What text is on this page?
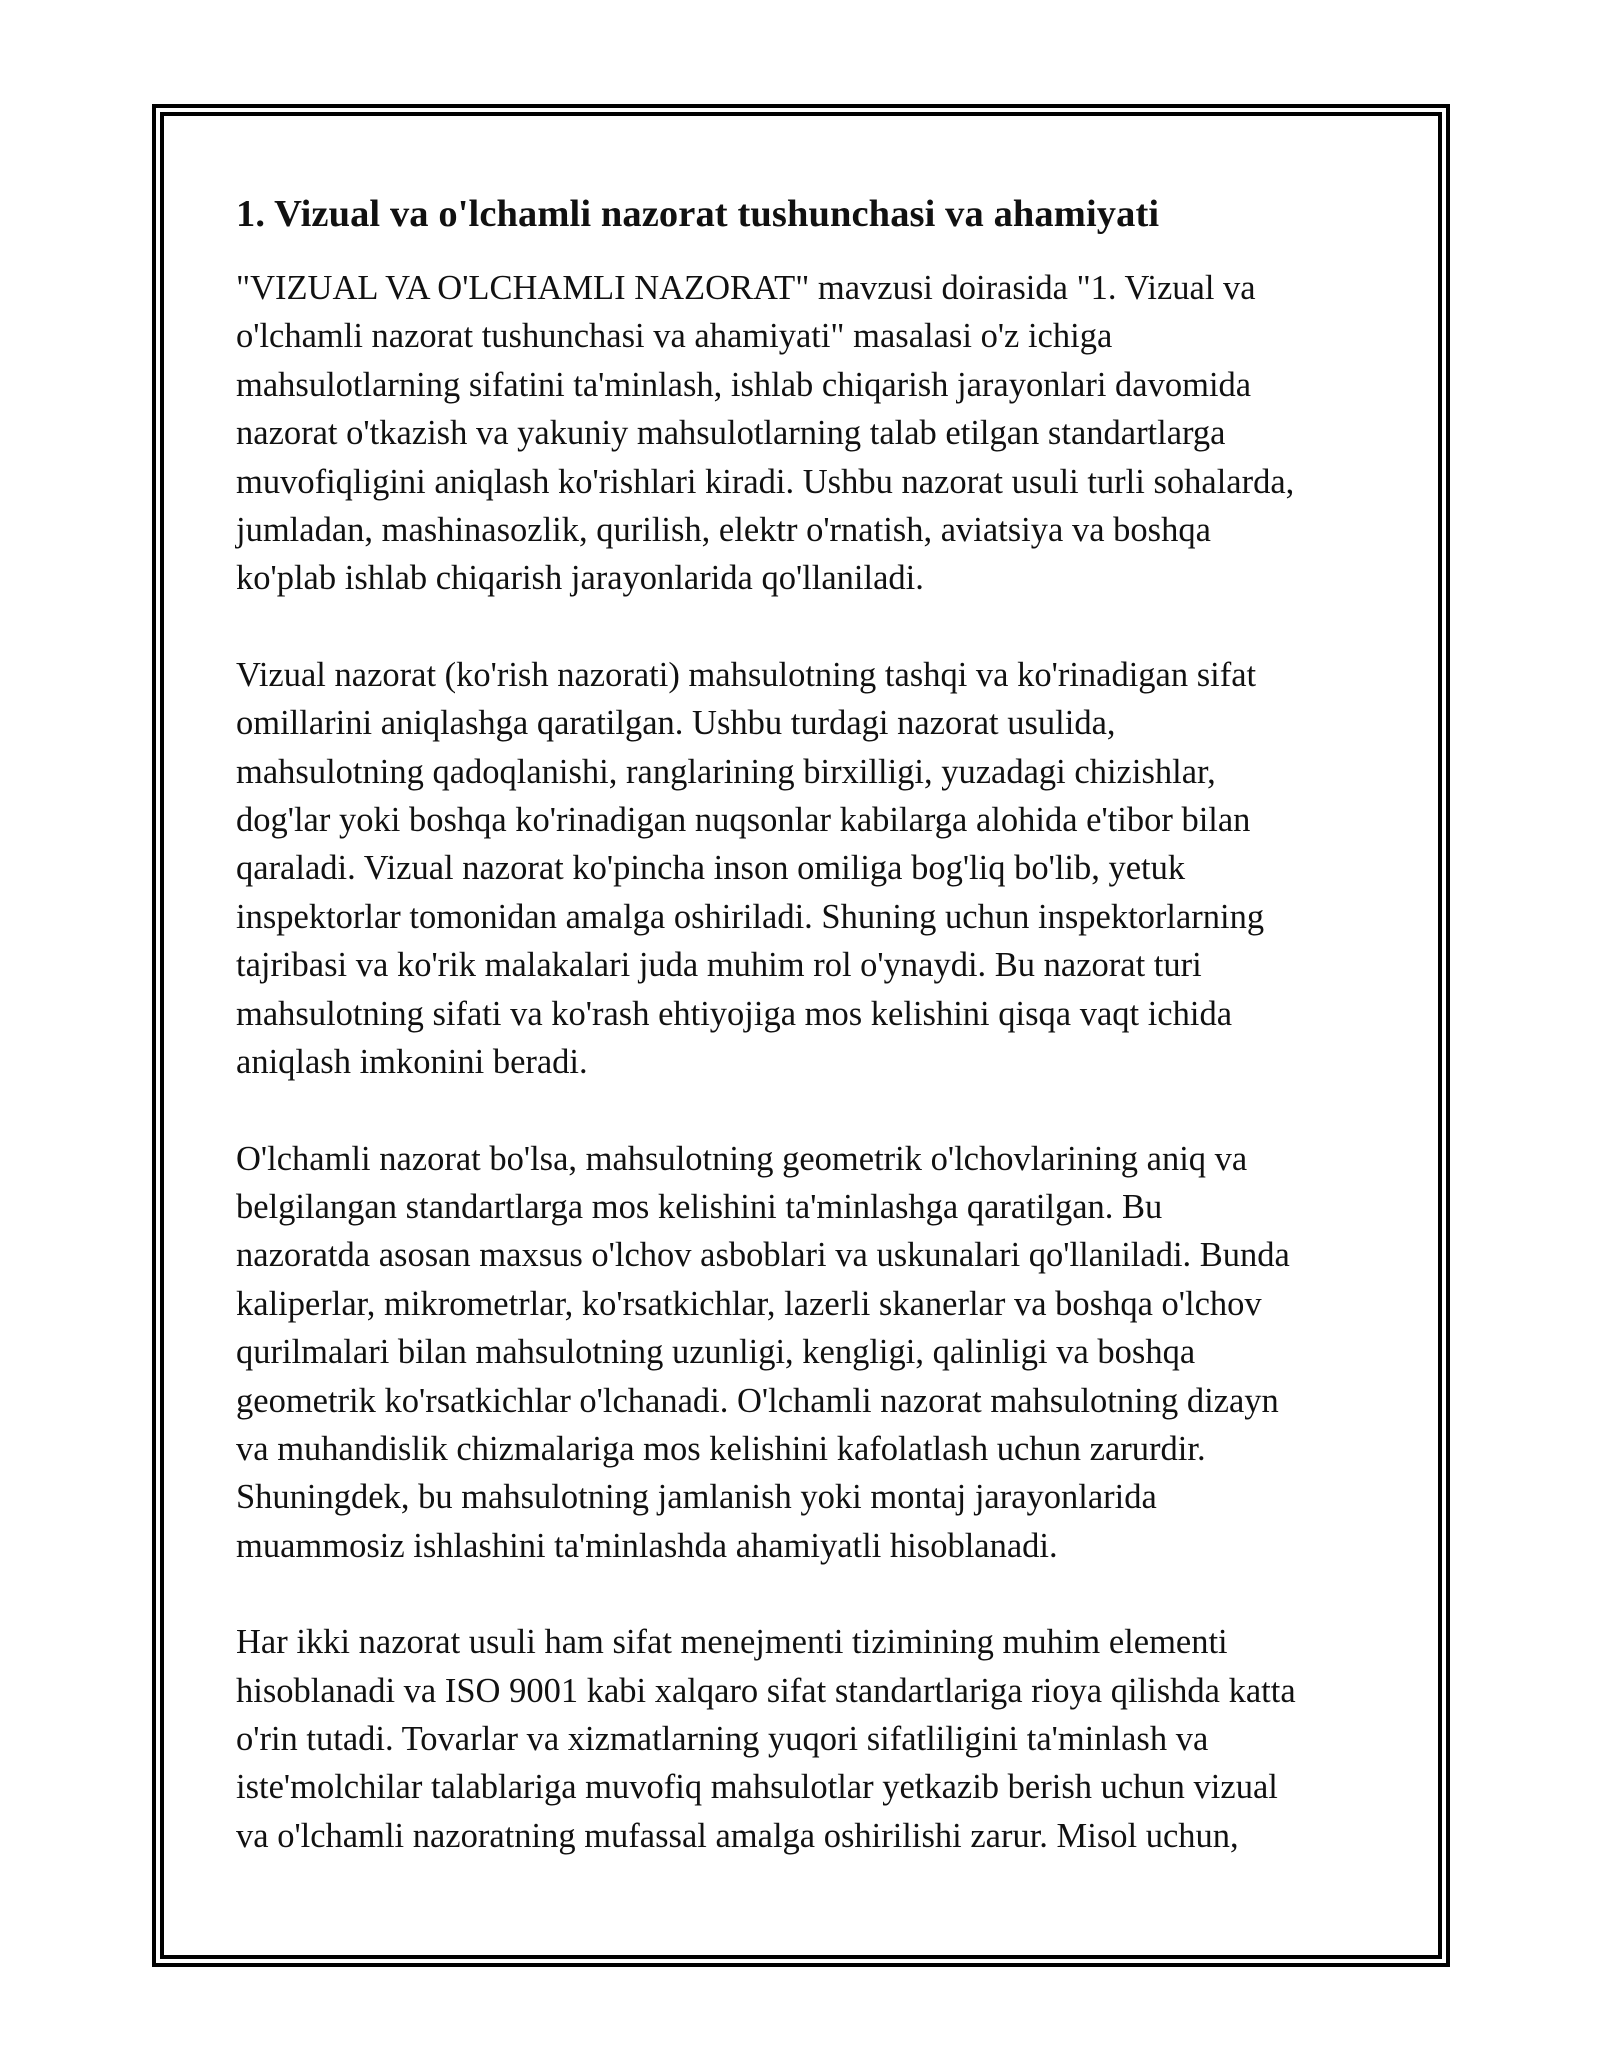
1. Vizual va o'lchamli nazorat tushunchasi va ahamiyati

"VIZUAL VA O'LCHAMLI NAZORAT" mavzusi doirasida "1. Vizual va
o'lchamli nazorat tushunchasi va ahamiyati" masalasi o'z ichiga
mahsulotlarning sifatini ta'minlash, ishlab chiqarish jarayonlari davomida
nazorat o'tkazish va yakuniy mahsulotlarning talab etilgan standartlarga
muvofiqligini aniqlash ko'rishlari kiradi. Ushbu nazorat usuli turli sohalarda,
jumladan, mashinasozlik, qurilish, elektr o'rnatish, aviatsiya va boshqa
ko'plab ishlab chiqarish jarayonlarida qo'llaniladi.

Vizual nazorat (ko'rish nazorati) mahsulotning tashqi va ko'rinadigan sifat
omillarini aniqlashga qaratilgan. Ushbu turdagi nazorat usulida,
mahsulotning qadoqlanishi, ranglarining birxilligi, yuzadagi chizishlar,
dog'lar yoki boshqa ko'rinadigan nuqsonlar kabilarga alohida e'tibor bilan
qaraladi. Vizual nazorat ko'pincha inson omiliga bog'liq bo'lib, yetuk
inspektorlar tomonidan amalga oshiriladi. Shuning uchun inspektorlarning
tajribasi va ko'rik malakalari juda muhim rol o'ynaydi. Bu nazorat turi
mahsulotning sifati va ko'rash ehtiyojiga mos kelishini qisqa vaqt ichida
aniqlash imkonini beradi.

O'lchamli nazorat bo'lsa, mahsulotning geometrik o'lchovlarining aniq va
belgilangan standartlarga mos kelishini ta'minlashga qaratilgan. Bu
nazoratda asosan maxsus o'lchov asboblari va uskunalari qo'llaniladi. Bunda
kaliperlar, mikrometrlar, ko'rsatkichlar, lazerli skanerlar va boshqa o'lchov
qurilmalari bilan mahsulotning uzunligi, kengligi, qalinligi va boshqa
geometrik ko'rsatkichlar o'lchanadi. O'lchamli nazorat mahsulotning dizayn
va muhandislik chizmalariga mos kelishini kafolatlash uchun zarurdir.
Shuningdek, bu mahsulotning jamlanish yoki montaj jarayonlarida
muammosiz ishlashini ta'minlashda ahamiyatli hisoblanadi.

Har ikki nazorat usuli ham sifat menejmenti tizimining muhim elementi
hisoblanadi va ISO 9001 kabi xalqaro sifat standartlariga rioya qilishda katta
o'rin tutadi. Tovarlar va xizmatlarning yuqori sifatliligini ta'minlash va
iste'molchilar talablariga muvofiq mahsulotlar yetkazib berish uchun vizual
va o'lchamli nazoratning mufassal amalga oshirilishi zarur. Misol uchun,
